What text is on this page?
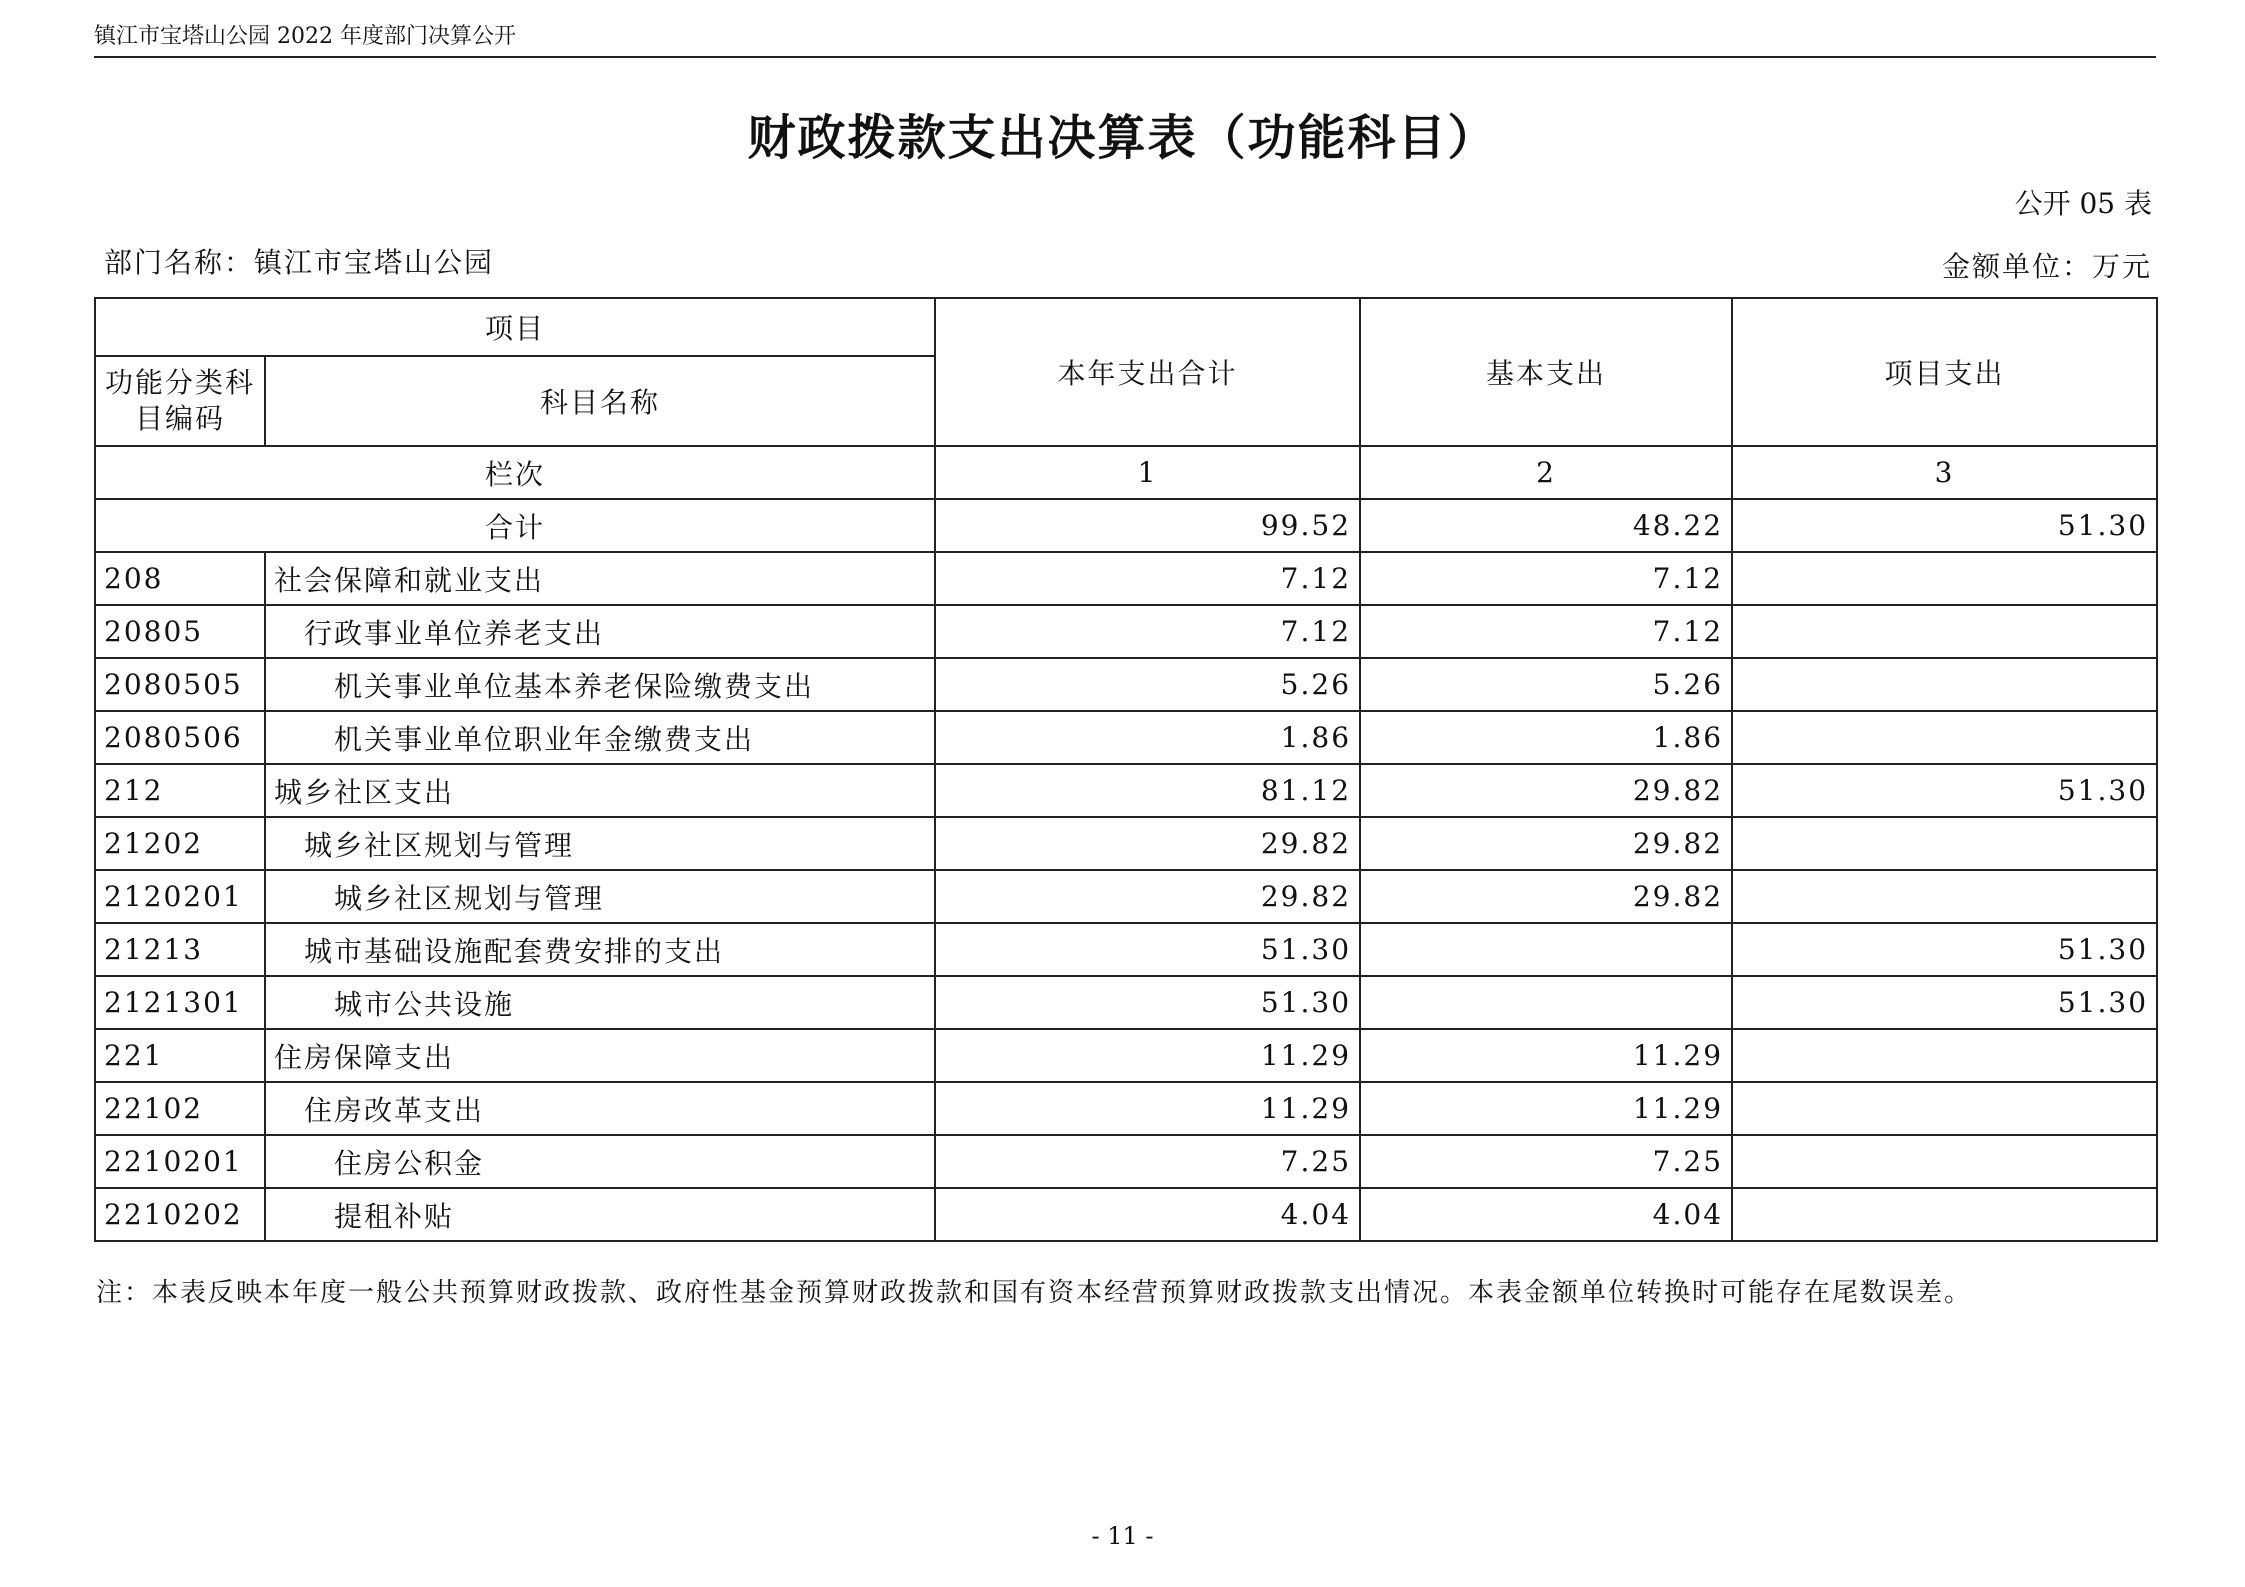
镇江市宝塔山公园 2022 年度部门决算公开
财政拨款支出决算表（功能科目）
公开 05 表
部门名称：镇江市宝塔山公园	金额单位：万元
项目		本年支出合计	基本支出	项目支出
功能分类科目编码	科目名称			
栏次		1	2	3
合计		99.52	48.22	51.30
208	社会保障和就业支出	7.12	7.12	
20805	行政事业单位养老支出	7.12	7.12	
2080505	机关事业单位基本养老保险缴费支出	5.26	5.26	
2080506	机关事业单位职业年金缴费支出	1.86	1.86	
212	城乡社区支出	81.12	29.82	51.30
21202	城乡社区规划与管理	29.82	29.82	
2120201	城乡社区规划与管理	29.82	29.82	
21213	城市基础设施配套费安排的支出	51.30		51.30
2121301	城市公共设施	51.30		51.30
221	住房保障支出	11.29	11.29	
22102	住房改革支出	11.29	11.29	
2210201	住房公积金	7.25	7.25	
2210202	提租补贴	4.04	4.04	
注：本表反映本年度一般公共预算财政拨款、政府性基金预算财政拨款和国有资本经营预算财政拨款支出情况。本表金额单位转换时可能存在尾数误差。
- 11 -
